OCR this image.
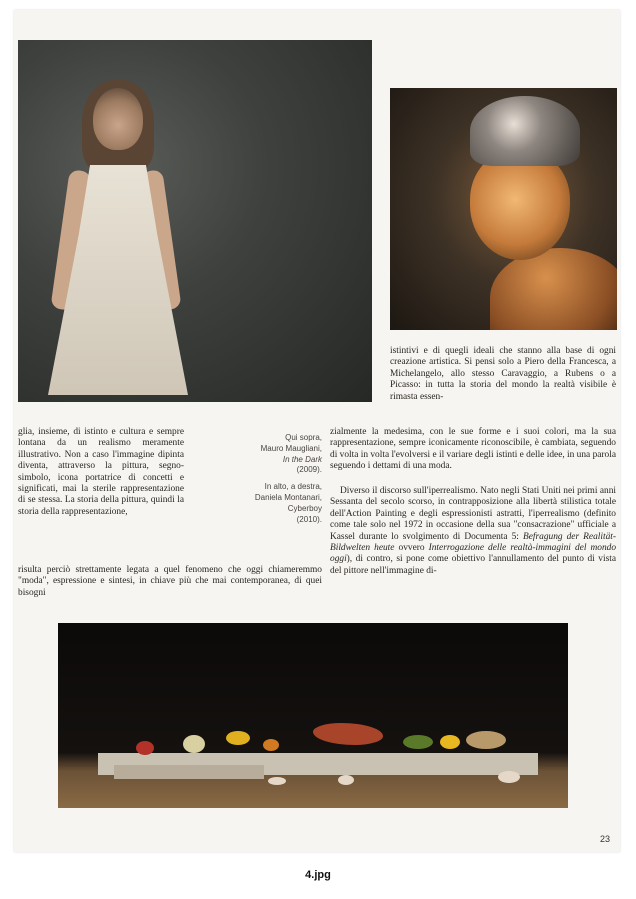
istintivi e di quegli ideali che stanno alla base di ogni creazione artistica. Si pensi solo a Piero della Francesca, a Michelangelo, allo stesso Caravaggio, a Rubens o a Picasso: in tutta la storia del mondo la realtà visibile è rimasta essen-

glia, insieme, di istinto e cultura e sempre lontana da un realismo meramente illustrativo. Non a caso l'immagine dipinta diventa, attraverso la pittura, segno-simbolo, icona portatrice di concetti e significati, mai la sterile rappresentazione di se stessa. La storia della pittura, quindi la storia della rappresentazione,

Qui sopra,
Mauro Maugliani,
In the Dark
(2009).

In alto, a destra,
Daniela Montanari,
Cyberboy
(2010).

risulta perciò strettamente legata a quel fenomeno che oggi chiameremmo "moda", espressione e sintesi, in chiave più che mai contemporanea, di quei bisogni

zialmente la medesima, con le sue forme e i suoi colori, ma la sua rappresentazione, sempre iconicamente riconoscibile, è cambiata, seguendo di volta in volta l'evolversi e il variare degli istinti e delle idee, in una parola seguendo i dettami di una moda.

Diverso il discorso sull'iperrealismo. Nato negli Stati Uniti nei primi anni Sessanta del secolo scorso, in contrapposizione alla libertà stilistica totale dell'Action Painting e degli espressionisti astratti, l'iperrealismo (definito come tale solo nel 1972 in occasione della sua "consacrazione" ufficiale a Kassel durante lo svolgimento di Documenta 5: Befragung der Realität-Bildwelten heute ovvero Interrogazione delle realtà-immagini del mondo oggi), di contro, si pone come obiettivo l'annullamento del punto di vista del pittore nell'immagine di-

23
4.jpg
